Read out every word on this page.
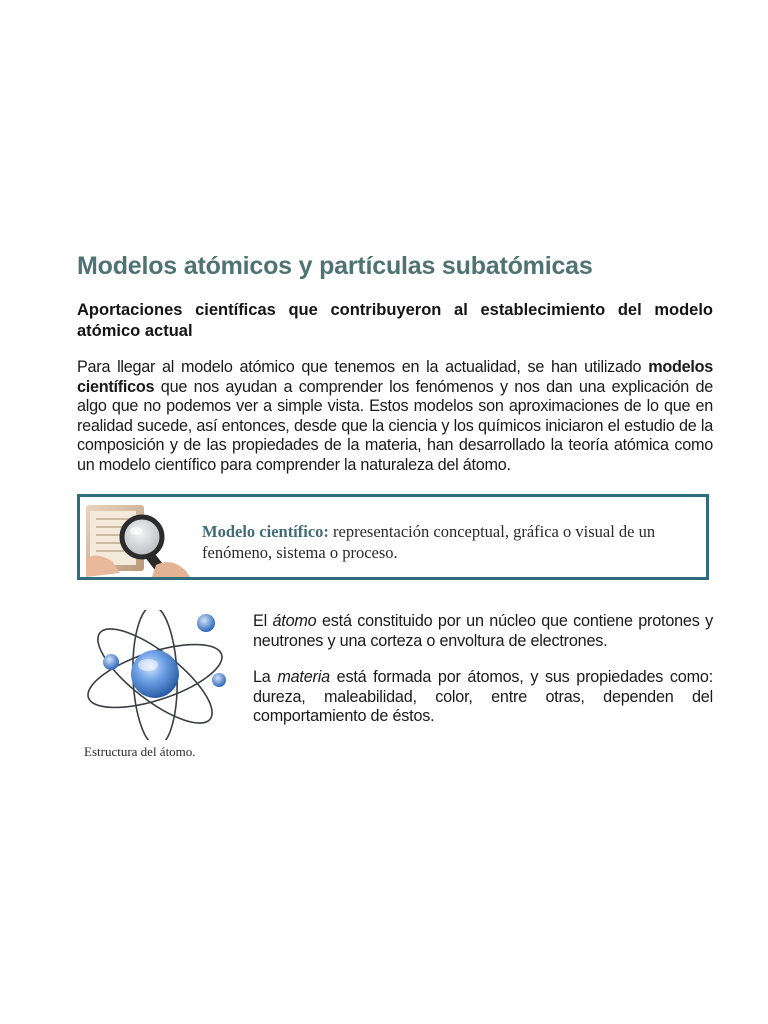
Modelos atómicos y partículas subatómicas
Aportaciones científicas que contribuyeron al establecimiento del modelo atómico actual

Para llegar al modelo atómico que tenemos en la actualidad, se han utilizado modelos científicos que nos ayudan a comprender los fenómenos y nos dan una explicación de algo que no podemos ver a simple vista. Estos modelos son aproximaciones de lo que en realidad sucede, así entonces, desde que la ciencia y los químicos iniciaron el estudio de la composición y de las propiedades de la materia, han desarrollado la teoría atómica como un modelo científico para comprender la naturaleza del átomo.

Modelo científico: representación conceptual, gráfica o visual de un fenómeno, sistema o proceso.

Estructura del átomo.

El átomo está constituido por un núcleo que contiene protones y neutrones y una corteza o envoltura de electrones.

La materia está formada por átomos, y sus propiedades como: dureza, maleabilidad, color, entre otras, dependen del comportamiento de éstos.
